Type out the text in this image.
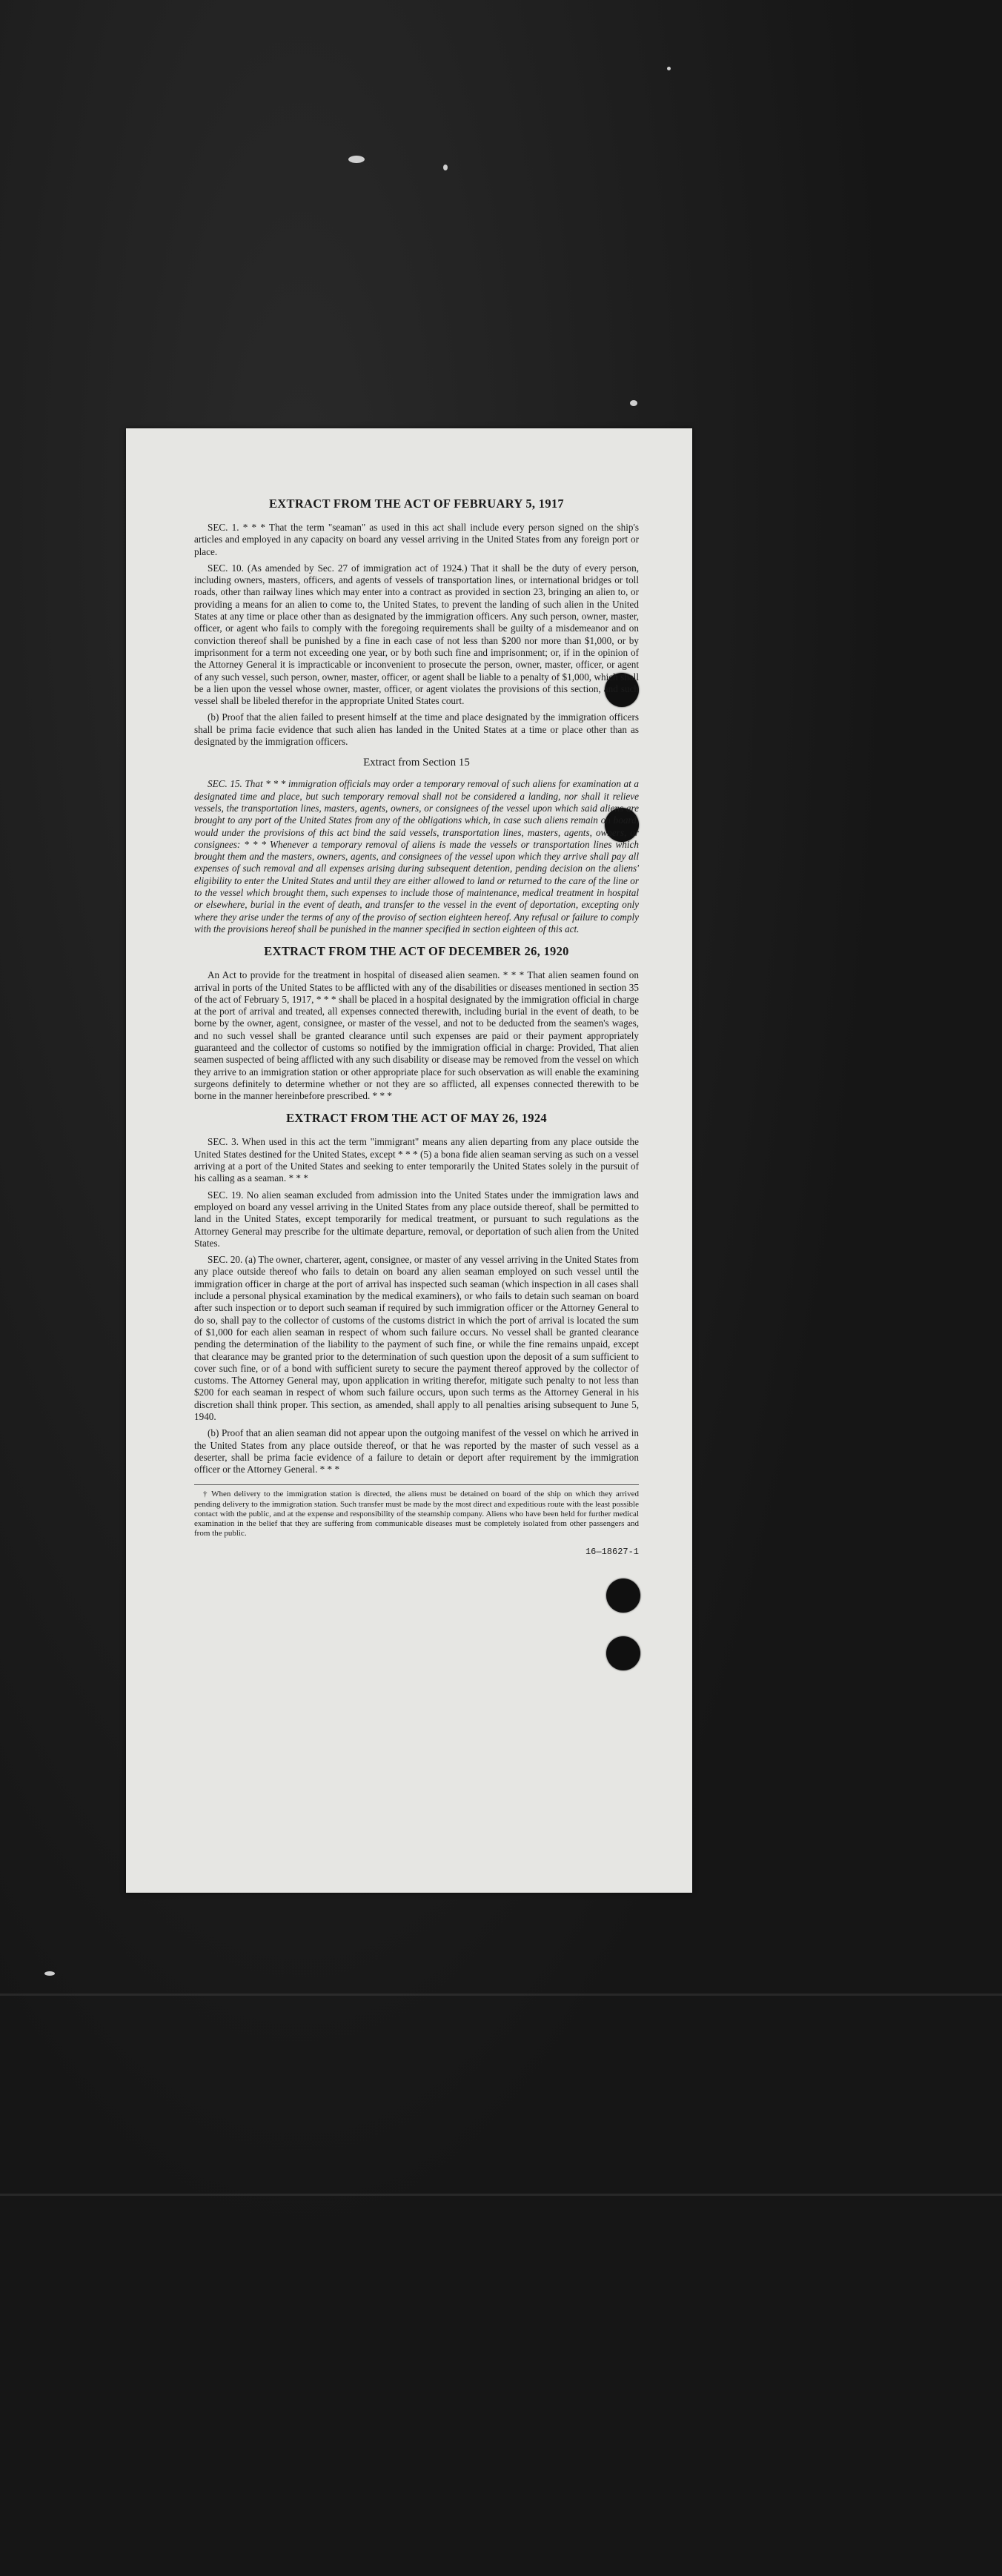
EXTRACT FROM THE ACT OF FEBRUARY 5, 1917

SEC. 1. * * * That the term "seaman" as used in this act shall include every person signed on the ship's articles and employed in any capacity on board any vessel arriving in the United States from any foreign port or place.

SEC. 10. (As amended by Sec. 27 of immigration act of 1924.) That it shall be the duty of every person, including owners, masters, officers, and agents of vessels of transportation lines, or international bridges or toll roads, other than railway lines which may enter into a contract as provided in section 23, bringing an alien to, or providing a means for an alien to come to, the United States, to prevent the landing of such alien in the United States at any time or place other than as designated by the immigration officers. Any such person, owner, master, officer, or agent who fails to comply with the foregoing requirements shall be guilty of a misdemeanor and on conviction thereof shall be punished by a fine in each case of not less than $200 nor more than $1,000, or by imprisonment for a term not exceeding one year, or by both such fine and imprisonment; or, if in the opinion of the Attorney General it is impracticable or inconvenient to prosecute the person, owner, master, officer, or agent of any such vessel, such person, owner, master, officer, or agent shall be liable to a penalty of $1,000, which shall be a lien upon the vessel whose owner, master, officer, or agent violates the provisions of this section, and such vessel shall be libeled therefor in the appropriate United States court.

(b) Proof that the alien failed to present himself at the time and place designated by the immigration officers shall be prima facie evidence that such alien has landed in the United States at a time or place other than as designated by the immigration officers.

Extract from Section 15

SEC. 15. That * * * immigration officials may order a temporary removal of such aliens for examination at a designated time and place, but such temporary removal shall not be considered a landing, nor shall it relieve vessels, the transportation lines, masters, agents, owners, or consignees of the vessel upon which said aliens are brought to any port of the United States from any of the obligations which, in case such aliens remain on board, would under the provisions of this act bind the said vessels, transportation lines, masters, agents, owners, or consignees: * * * Whenever a temporary removal of aliens is made the vessels or transportation lines which brought them and the masters, owners, agents, and consignees of the vessel upon which they arrive shall pay all expenses of such removal and all expenses arising during subsequent detention, pending decision on the aliens' eligibility to enter the United States and until they are either allowed to land or returned to the care of the line or to the vessel which brought them, such expenses to include those of maintenance, medical treatment in hospital or elsewhere, burial in the event of death, and transfer to the vessel in the event of deportation, excepting only where they arise under the terms of any of the proviso of section eighteen hereof. Any refusal or failure to comply with the provisions hereof shall be punished in the manner specified in section eighteen of this act.

EXTRACT FROM THE ACT OF DECEMBER 26, 1920

An Act to provide for the treatment in hospital of diseased alien seamen. * * * That alien seamen found on arrival in ports of the United States to be afflicted with any of the disabilities or diseases mentioned in section 35 of the act of February 5, 1917, * * * shall be placed in a hospital designated by the immigration official in charge at the port of arrival and treated, all expenses connected therewith, including burial in the event of death, to be borne by the owner, agent, consignee, or master of the vessel, and not to be deducted from the seamen's wages, and no such vessel shall be granted clearance until such expenses are paid or their payment appropriately guaranteed and the collector of customs so notified by the immigration official in charge: Provided, That alien seamen suspected of being afflicted with any such disability or disease may be removed from the vessel on which they arrive to an immigration station or other appropriate place for such observation as will enable the examining surgeons definitely to determine whether or not they are so afflicted, all expenses connected therewith to be borne in the manner hereinbefore prescribed. * * *

EXTRACT FROM THE ACT OF MAY 26, 1924

SEC. 3. When used in this act the term "immigrant" means any alien departing from any place outside the United States destined for the United States, except * * * (5) a bona fide alien seaman serving as such on a vessel arriving at a port of the United States and seeking to enter temporarily the United States solely in the pursuit of his calling as a seaman. * * *

SEC. 19. No alien seaman excluded from admission into the United States under the immigration laws and employed on board any vessel arriving in the United States from any place outside thereof, shall be permitted to land in the United States, except temporarily for medical treatment, or pursuant to such regulations as the Attorney General may prescribe for the ultimate departure, removal, or deportation of such alien from the United States.

SEC. 20. (a) The owner, charterer, agent, consignee, or master of any vessel arriving in the United States from any place outside thereof who fails to detain on board any alien seaman employed on such vessel until the immigration officer in charge at the port of arrival has inspected such seaman (which inspection in all cases shall include a personal physical examination by the medical examiners), or who fails to detain such seaman on board after such inspection or to deport such seaman if required by such immigration officer or the Attorney General to do so, shall pay to the collector of customs of the customs district in which the port of arrival is located the sum of $1,000 for each alien seaman in respect of whom such failure occurs. No vessel shall be granted clearance pending the determination of the liability to the payment of such fine, or while the fine remains unpaid, except that clearance may be granted prior to the determination of such question upon the deposit of a sum sufficient to cover such fine, or of a bond with sufficient surety to secure the payment thereof approved by the collector of customs. The Attorney General may, upon application in writing therefor, mitigate such penalty to not less than $200 for each seaman in respect of whom such failure occurs, upon such terms as the Attorney General in his discretion shall think proper. This section, as amended, shall apply to all penalties arising subsequent to June 5, 1940.

(b) Proof that an alien seaman did not appear upon the outgoing manifest of the vessel on which he arrived in the United States from any place outside thereof, or that he was reported by the master of such vessel as a deserter, shall be prima facie evidence of a failure to detain or deport after requirement by the immigration officer or the Attorney General. * * *

† When delivery to the immigration station is directed, the aliens must be detained on board of the ship on which they arrived pending delivery to the immigration station. Such transfer must be made by the most direct and expeditious route with the least possible contact with the public, and at the expense and responsibility of the steamship company. Aliens who have been held for further medical examination in the belief that they are suffering from communicable diseases must be completely isolated from other passengers and from the public.

16—18627-1
